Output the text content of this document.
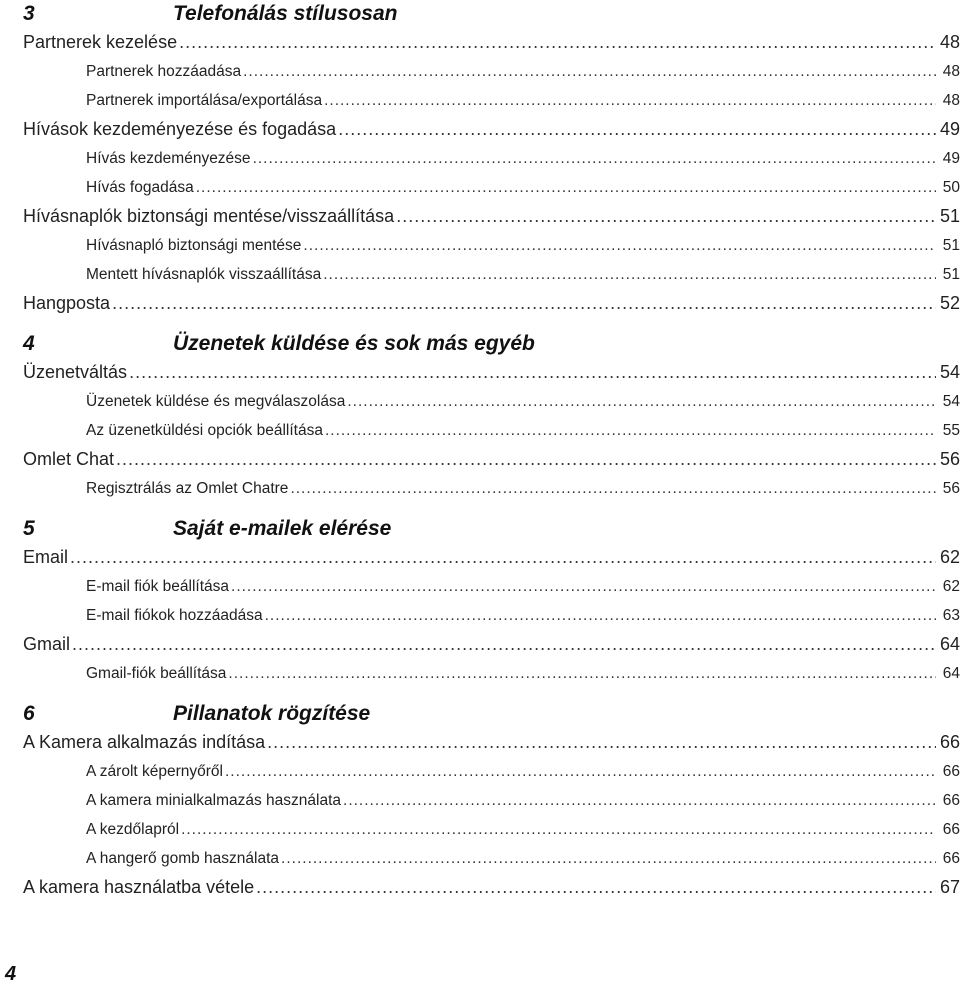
3	Telefonálás stílusosan
Partnerek kezelése .....	48
Partnerek hozzáadása .....	48
Partnerek importálása/exportálása .....	48
Hívások kezdeményezése és fogadása .....	49
Hívás kezdeményezése .....	49
Hívás fogadása .....	50
Hívásnaplók biztonsági mentése/visszaállítása .....	51
Hívásnapló biztonsági mentése .....	51
Mentett hívásnaplók visszaállítása .....	51
Hangposta .....	52
4	Üzenetek küldése és sok más egyéb
Üzenetváltás .....	54
Üzenetek küldése és megválaszolása .....	54
Az üzenetküldési opciók beállítása .....	55
Omlet Chat .....	56
Regisztrálás az Omlet Chatre .....	56
5	Saját e-mailek elérése
Email .....	62
E-mail fiók beállítása .....	62
E-mail fiókok hozzáadása .....	63
Gmail .....	64
Gmail-fiók beállítása .....	64
6	Pillanatok rögzítése
A Kamera alkalmazás indítása .....	66
A zárolt képernyőről .....	66
A kamera minialkalmazás használata .....	66
A kezdőlapról .....	66
A hangerő gomb használata .....	66
A kamera használatba vétele .....	67
4
